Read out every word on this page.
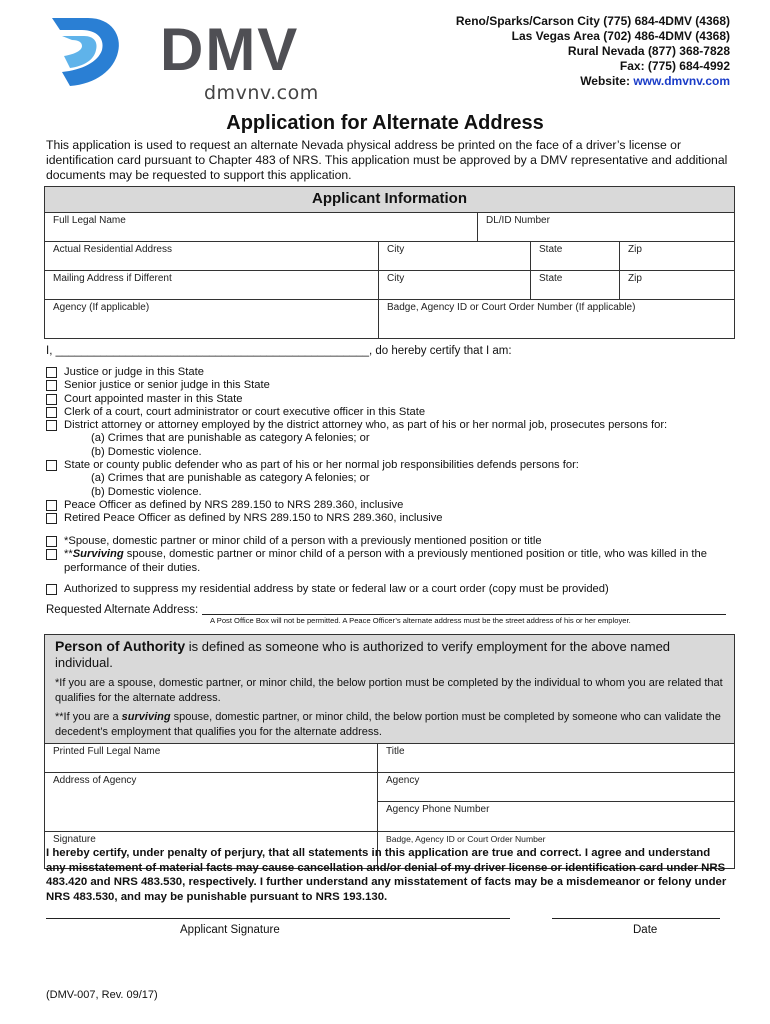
DMV
dmvnv.com
Reno/Sparks/Carson City (775) 684-4DMV (4368)
Las Vegas Area (702) 486-4DMV (4368)
Rural Nevada (877) 368-7828
Fax: (775) 684-4992
Website: www.dmvnv.com
Application for Alternate Address
This application is used to request an alternate Nevada physical address be printed on the face of a driver’s license or identification card pursuant to Chapter 483 of NRS. This application must be approved by a DMV representative and additional documents may be requested to support this application.
Applicant Information
Full Legal Name	DL/ID Number
Actual Residential Address	City	State	Zip
Mailing Address if Different	City	State	Zip
Agency (If applicable)	Badge, Agency ID or Court Order Number (If applicable)
I, _________________________________________________, do hereby certify that I am:
Justice or judge in this State
Senior justice or senior judge in this State
Court appointed master in this State
Clerk of a court, court administrator or court executive officer in this State
District attorney or attorney employed by the district attorney who, as part of his or her normal job, prosecutes persons for:
(a) Crimes that are punishable as category A felonies; or
(b) Domestic violence.
State or county public defender who as part of his or her normal job responsibilities defends persons for:
(a) Crimes that are punishable as category A felonies; or
(b) Domestic violence.
Peace Officer as defined by NRS 289.150 to NRS 289.360, inclusive
Retired Peace Officer as defined by NRS 289.150 to NRS 289.360, inclusive
*Spouse, domestic partner or minor child of a person with a previously mentioned position or title
**Surviving spouse, domestic partner or minor child of a person with a previously mentioned position or title, who was killed in the
performance of their duties.
Authorized to suppress my residential address by state or federal law or a court order (copy must be provided)
Requested Alternate Address:
A Post Office Box will not be permitted. A Peace Officer’s alternate address must be the street address of his or her employer.
Person of Authority is defined as someone who is authorized to verify employment for the above named individual.
*If you are a spouse, domestic partner, or minor child, the below portion must be completed by the individual to whom you are related that qualifies for the alternate address.
**If you are a surviving spouse, domestic partner, or minor child, the below portion must be completed by someone who can validate the decedent’s employment that qualifies you for the alternate address.
Printed Full Legal Name	Title
Address of Agency	Agency
Agency Phone Number
Signature	Badge, Agency ID or Court Order Number
I hereby certify, under penalty of perjury, that all statements in this application are true and correct. I agree and understand any misstatement of material facts may cause cancellation and/or denial of my driver license or identification card under NRS 483.420 and NRS 483.530, respectively. I further understand any misstatement of facts may be a misdemeanor or felony under NRS 483.530, and may be punishable pursuant to NRS 193.130.
Applicant Signature	Date
(DMV-007, Rev. 09/17)
